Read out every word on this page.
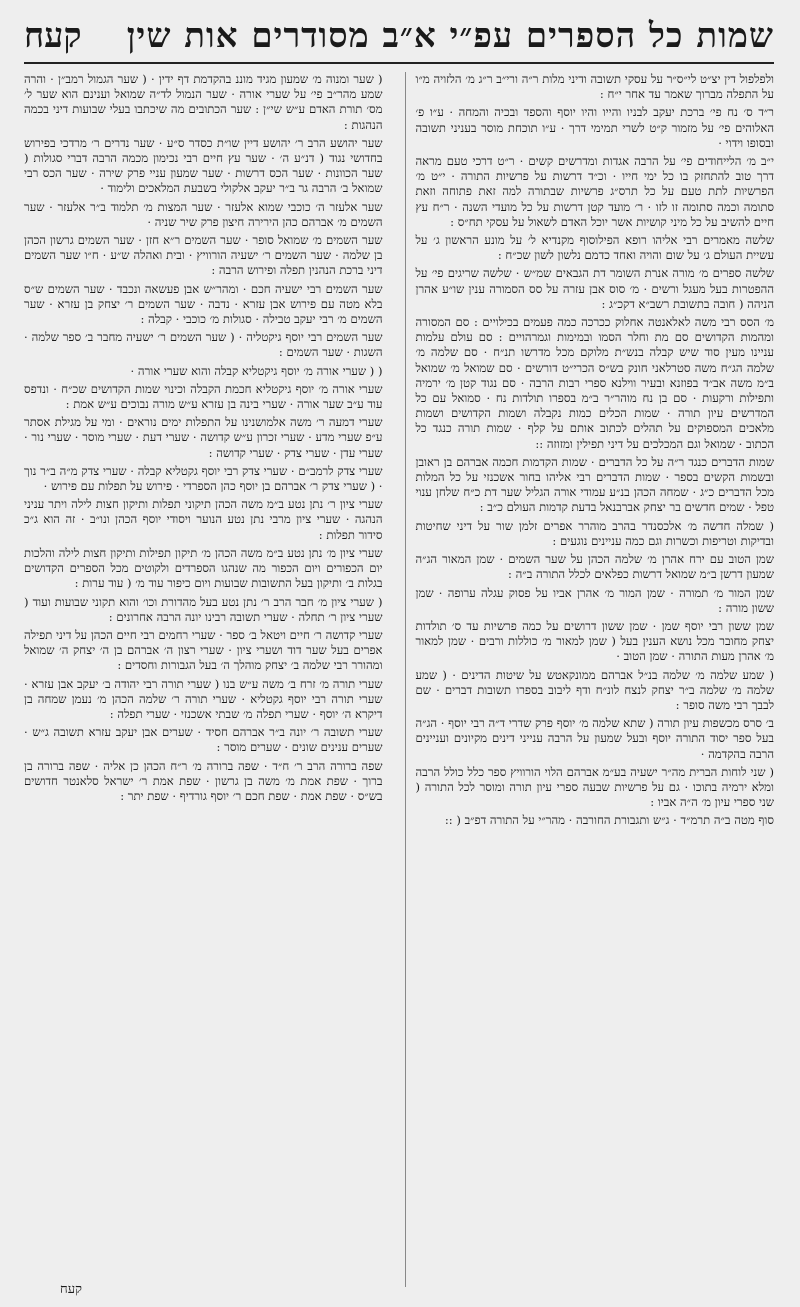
שמות כל הספרים עפ״י א״ב מסודרים אות שין
קעח

ולפלפול דין יצ״ט לי״ס״ר על עסקי תשובה ודיני מלות ר״ה ורי״ב ר״ג מ׳ הלזויה מ״ו על התפלה מברוך שאמר עד אחר י״ח :

ר״ד ס׳ נח פי׳ ברכת יעקב לבניו והייו והיו יוסף והספד ובכיה והמחה · ע״ו פ׳ האלוהים פי׳ על מזמור ק״ט לשרי תמימי דרך · ע״ו תוכחת מוסר בעניני תשובה ובסופו וידוי ·

י״ב מ׳ הלייחודים פי׳ על הרבה אגדות ומדרשים קשים · ר״ט דרכי טעם מראה דרך טוב להתחזק בו כל ימי חייו · וכ״ד דרשות על פרשיות התורה · י״ט מ׳ הפרשיות לתת טעם על כל תרס״ג פרשיות שבתורה למה זאת פתוחה וזאת סתומה וכמה סתומה זו לזו · ר׳ מועד קטן דרשות על כל מועדי השנה · ר״ח עץ חיים להשיב על כל מיני קושיות אשר יוכל האדם לשאול על עסקי תח״ס :

שלשה מאמרים רבי אליהו רופא הפילוסוף מקנדיא ל׳ על מונע הראשון ג׳ על עשיית העולם ג׳ על שום והויה ואחד כדמם נלשון לשון שכ״ח :

שלשה ספרים מ׳ מורה אנרת השומר דת הגבאים שמ״ש · שלשה שריגים פי׳ על ההפטרות בעל מעגל ורשים · מ׳ סוס אבן עזרה על סס הסמורה ענין שו״ע אהרן הניהה ( חובה בתשובת רשב״א דקכ״ג :

מ׳ הסס רבי משה לאלאנטה אחלוק ככרכה כמה פעמים בכילויים : סם המסורה ומהמות הקדושים סם מת וחלר הסמו ובמימות וגמרהויים : סם עולם עלמות עניינו מעין סוד שיש קבלה בנש״ת מלוקם מכל מדרשו תנ״ח · סם שלמה מ׳ שלמה הג״ח משה סטרלאני חונק בש״ס הכרי״ט דורשים · סם שמואל מ׳ שמואל ב״מ משה אב״ד בפוזנא ובעיר ווילנא ספרי רבות הרבה · סם נגוד קטן מ׳ ירמיה ותפילות ורקעות · סם בן נח מוהר״ר ב״מ בספרו תולדות נח · סמואל עם כל המדרשים עיון תורה · שמות הכלים כמות נקבלה ושמות הקדושים ושמות מלאכים המספוקים על תהלים לכתוב אותם על קלף · שמות תורה כנגד כל הכתוב · שמואל וגם המכלכים על דיני תפילין ומזוזה ::

שמות הדברים כנגד ר״ה על כל הדברים · שמות הקדמות חכמה אברהם בן ראובן ובשמות הקשים בספר · שמות הדברים רבי אליהו בחור אשכנזי על כל המלות מכל הדברים כ״ג · שמחה הכהן בנ״ע עמודי אורה הגליל שער דת כ״ח שלחן ענוי טפל · שמים חדשים בר יצחק אברבנאל בדעת קדמות העולם כ״ב :

( שמלה חדשה מ׳ אלכסנדר בהרב מוהרר אפרים זלמן שור על דיני שחיטות ובדיקות וטריפות וכשרות וגם כמה עניינים נוגעים :

שמן הטוב עם ירח אהרן מ׳ שלמה הכהן על שער השמים · שמן המאור הג״ה שמעון דרשן ב״מ שמואל דרשות כפלאים לכלל התורה ב״ה :

שמן המור מ׳ תמורה · שמן המור מ׳ אהרן אביו על פסוק עגלה ערופה · שמן ששון מורה :

שמן ששון רבי יוסף שמן · שמן ששון דרושים על כמה פרשיות עד ס׳ תולדות יצחק מחובר מכל נושא הענין בעל ( שמן למאור מ׳ כוללות ורבים · שמן למאור מ׳ אהרן מעות התורה · שמן הטוב ·

( שמע שלמה מ׳ שלמה בנ״ל אברהם ממונקאטש על שיטות הדינים · ( שמע שלמה מ׳ שלמה ב״ר יצחק לנצח לונ״ח ודף ליבוב בספרו תשובות דברים · שם לבבך רבי משה סופר :

ב׳ סרס מכשפות עיון תורה ( שתא שלמה מ׳ יוסף פרק שדרי ד״ה רבי יוסף · הג״ה בעל ספר יסוד התורה יוסף ובעל שמעון על הרבה ענייני דינים מקיונים ועניינים הרבה בהקדמה ·

( שני לוחות הברית מה״ר ישעיה בע״מ אברהם הלוי הורוויץ ספר כלל כולל הרבה ומלא ירמיה בתוכו · גם על פרשיות שבעה ספרי עיון תורה ומוסר לכל התורה ( שני ספרי עיון מ׳ ה״ה אביו :

סוף מטה ב״ה תרמ״ד · ג״ש ותגבורת החורבה · מהר״י על התורה דפ״ב ( ::

( שער ומנוה מ׳ שמעון מגיד מוננ בהקדמת דף ידין · ( שער הגמול רמב״ן · והרה שמע מהר״ב פי׳ על שערי אורה · שער הנמול לד״ה שמואל וענינם הוא שער ל׳ מס׳ תורת האדם ע״ש שי״ן : שער הכתובים מה שיכתבו בעלי שבועות דיני בכמה הנהגות :

שער יהושע הרב ר׳ יהושע דיין שו״ת כסדר ס״ע · שער נדרים ר׳ מרדכי בפירוש בחדושי נגוד ( דנ״ע ה׳ · שער עץ חיים רבי נכימון מכמה הרבה דברי סגולות ( שער הכוונות · שער הכס דרשות · שער שמעון עניי פרק שירה · שער הכס רבי שמואל ב׳ הרבה גר ב״ר יעקב אלקולי בשבעת המלאכים ולימוד ·

שער אלעזר ה׳ כוכבי שמוא אלעזר · שער המצות מ׳ תלמוד ב״ר אלעזר · שער השמים מ׳ אברהם כהן הירירה חיצון פרק שיר שניה ·

שער השמים מ׳ שמואל סופר · שער השמים ר״א חזן · שער השמים גרשון הכהן בן שלמה · שער השמים ר׳ ישעיה הורוויץ · ובית ואהלה ש״ע · ח״ו שער השמים דיני ברכת הנהנין תפלה ופירוש הרבה :

שער השמים רבי ישעיה חכם · ומהר״ש אבן פעשאה ונכבד · שער השמים ש״ס בלא מטה עם פירוש אבן עזרא · נדבה · שער השמים ר׳ יצחק בן עזרא · שער השמים מ׳ רבי יעקב טבילה · סגולות מ׳ כוכבי · קבלה :

שער השמים רבי יוסף גיקטליה · ( שער השמים ר׳ ישעיה מחבר ב׳ ספר שלמה · השגות · שער השמים :

( ( שערי אורה מ׳ יוסף גיקטליא קבלה והוא שערי אורה ·

שערי אורה מ׳ יוסף גיקטליא חכמת הקבלה וכינוי שמות הקדושים שכ״ח · ונדפס עוד ע״ב שער אורה · שערי בינה בן עזרא ע״ש מורה נבוכים ע״ש אמת :

שערי דמעה ר׳ משה אלמושנינו על התפלות ימים נוראים · ומי על מגילת אסתר ע״פ שערי מדע · שערי זכרון ע״ש קדושה · שערי דעת · שערי מוסר · שערי נור · שערי עדן · שערי צדק · שערי קדושה :

שערי צדק לרמב״ם · שערי צדק רבי יוסף גקטליא קבלה · שערי צדק מ״ה ב״ר נוך · ( שערי צדק ר׳ אברהם בן יוסף כהן הספרדי · פירוש על תפלות עם פירוש ·

שערי ציון ר׳ נתן נטע ב״מ משה הכהן תיקוני תפלות ותיקון חצות לילה ויתר עניני הנהגה · שערי ציון מרבי נתן נטע הנוער ויסודי יוסף הכהן ונו״ב · זה הוא ג״כ סידור תפלות :

שערי ציון מ׳ נתן נטע ב״מ משה הכהן מ׳ תיקון תפילות ותיקון חצות לילה והלכות יום הכפורים ויום הכפור מה שנהגו הספרדים ולקוטים מכל הספרים הקדושים בגלות ב׳ ותיקון בעל התשובות שבועות ויום כיפור עוד מ׳ ( עוד ערות :

( שערי ציון מ׳ חבר הרב ר׳ נתן נטע בעל מהדורת וכו׳ והוא תקוני שבועות ועוד ( שערי ציון ר׳ תחלה · שערי תשובה רבינו יונה הרבה אחרונים :

שערי קדושה ר׳ חיים ויטאל ב׳ ספר · שערי רחמים רבי חיים הכהן על דיני תפילה אפרים בעל שער דוד ושערי ציון · שערי רצון ה׳ אברהם בן ה׳ יצחק ה׳ שמואל ומהורר רבי שלמה ב׳ יצחק מוהלך ה׳ בעל הגבורות וחסדים :

שערי תורה מ׳ זרח ב׳ משה ע״ש בנו ( שערי תורה רבי יהודה ב׳ יעקב אבן עזרא · שערי תורה רבי יוסף גקטליא · שערי תורה ר׳ שלמה הכהן מ׳ נעמן שמחה בן דיקרא ה׳ יוסף · שערי תפלה מ׳ שבתי אשכנזי · שערי תפלה :

שערי תשובה ר׳ יונה ב״ר אברהם חסיד · שערים אבן יעקב עזרא תשובה ג״ש · שערים ענינים שונים · שערים מוסר :

שפה ברורה הרב ר׳ ח״ד · שפה ברורה מ׳ ר״ח הכהן כן אליה · שפה ברורה בן ברוך · שפת אמת מ׳ משה בן גרשון · שפת אמת ר׳ ישראל סלאנטר חדושים בש״ס · שפת אמת · שפת חכם ר׳ יוסף גורדיף · שפת יתר :

קעח
